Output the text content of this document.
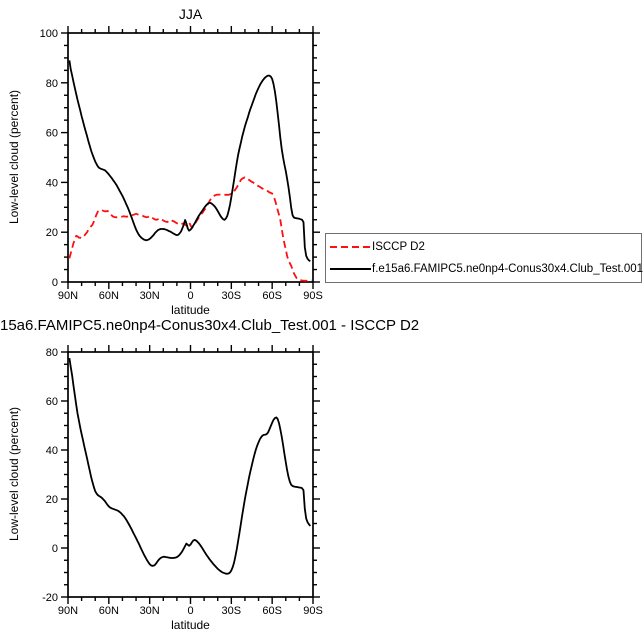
90N 60N 30N	0	30S 60S 90S
0
20
40
60
80
100
90N 60N 30N	0	30S 60S 90S
-20
0
20
40
60
80
JJA
Low-level cloud (percent)
latitude
15a6.FAMIPC5.ne0np4-Conus30x4.Club_Test.001 - ISCCP D2
Low-level cloud (percent)
latitude
ISCCP D2
f.e15a6.FAMIPC5.ne0np4-Conus30x4.Club_Test.001
